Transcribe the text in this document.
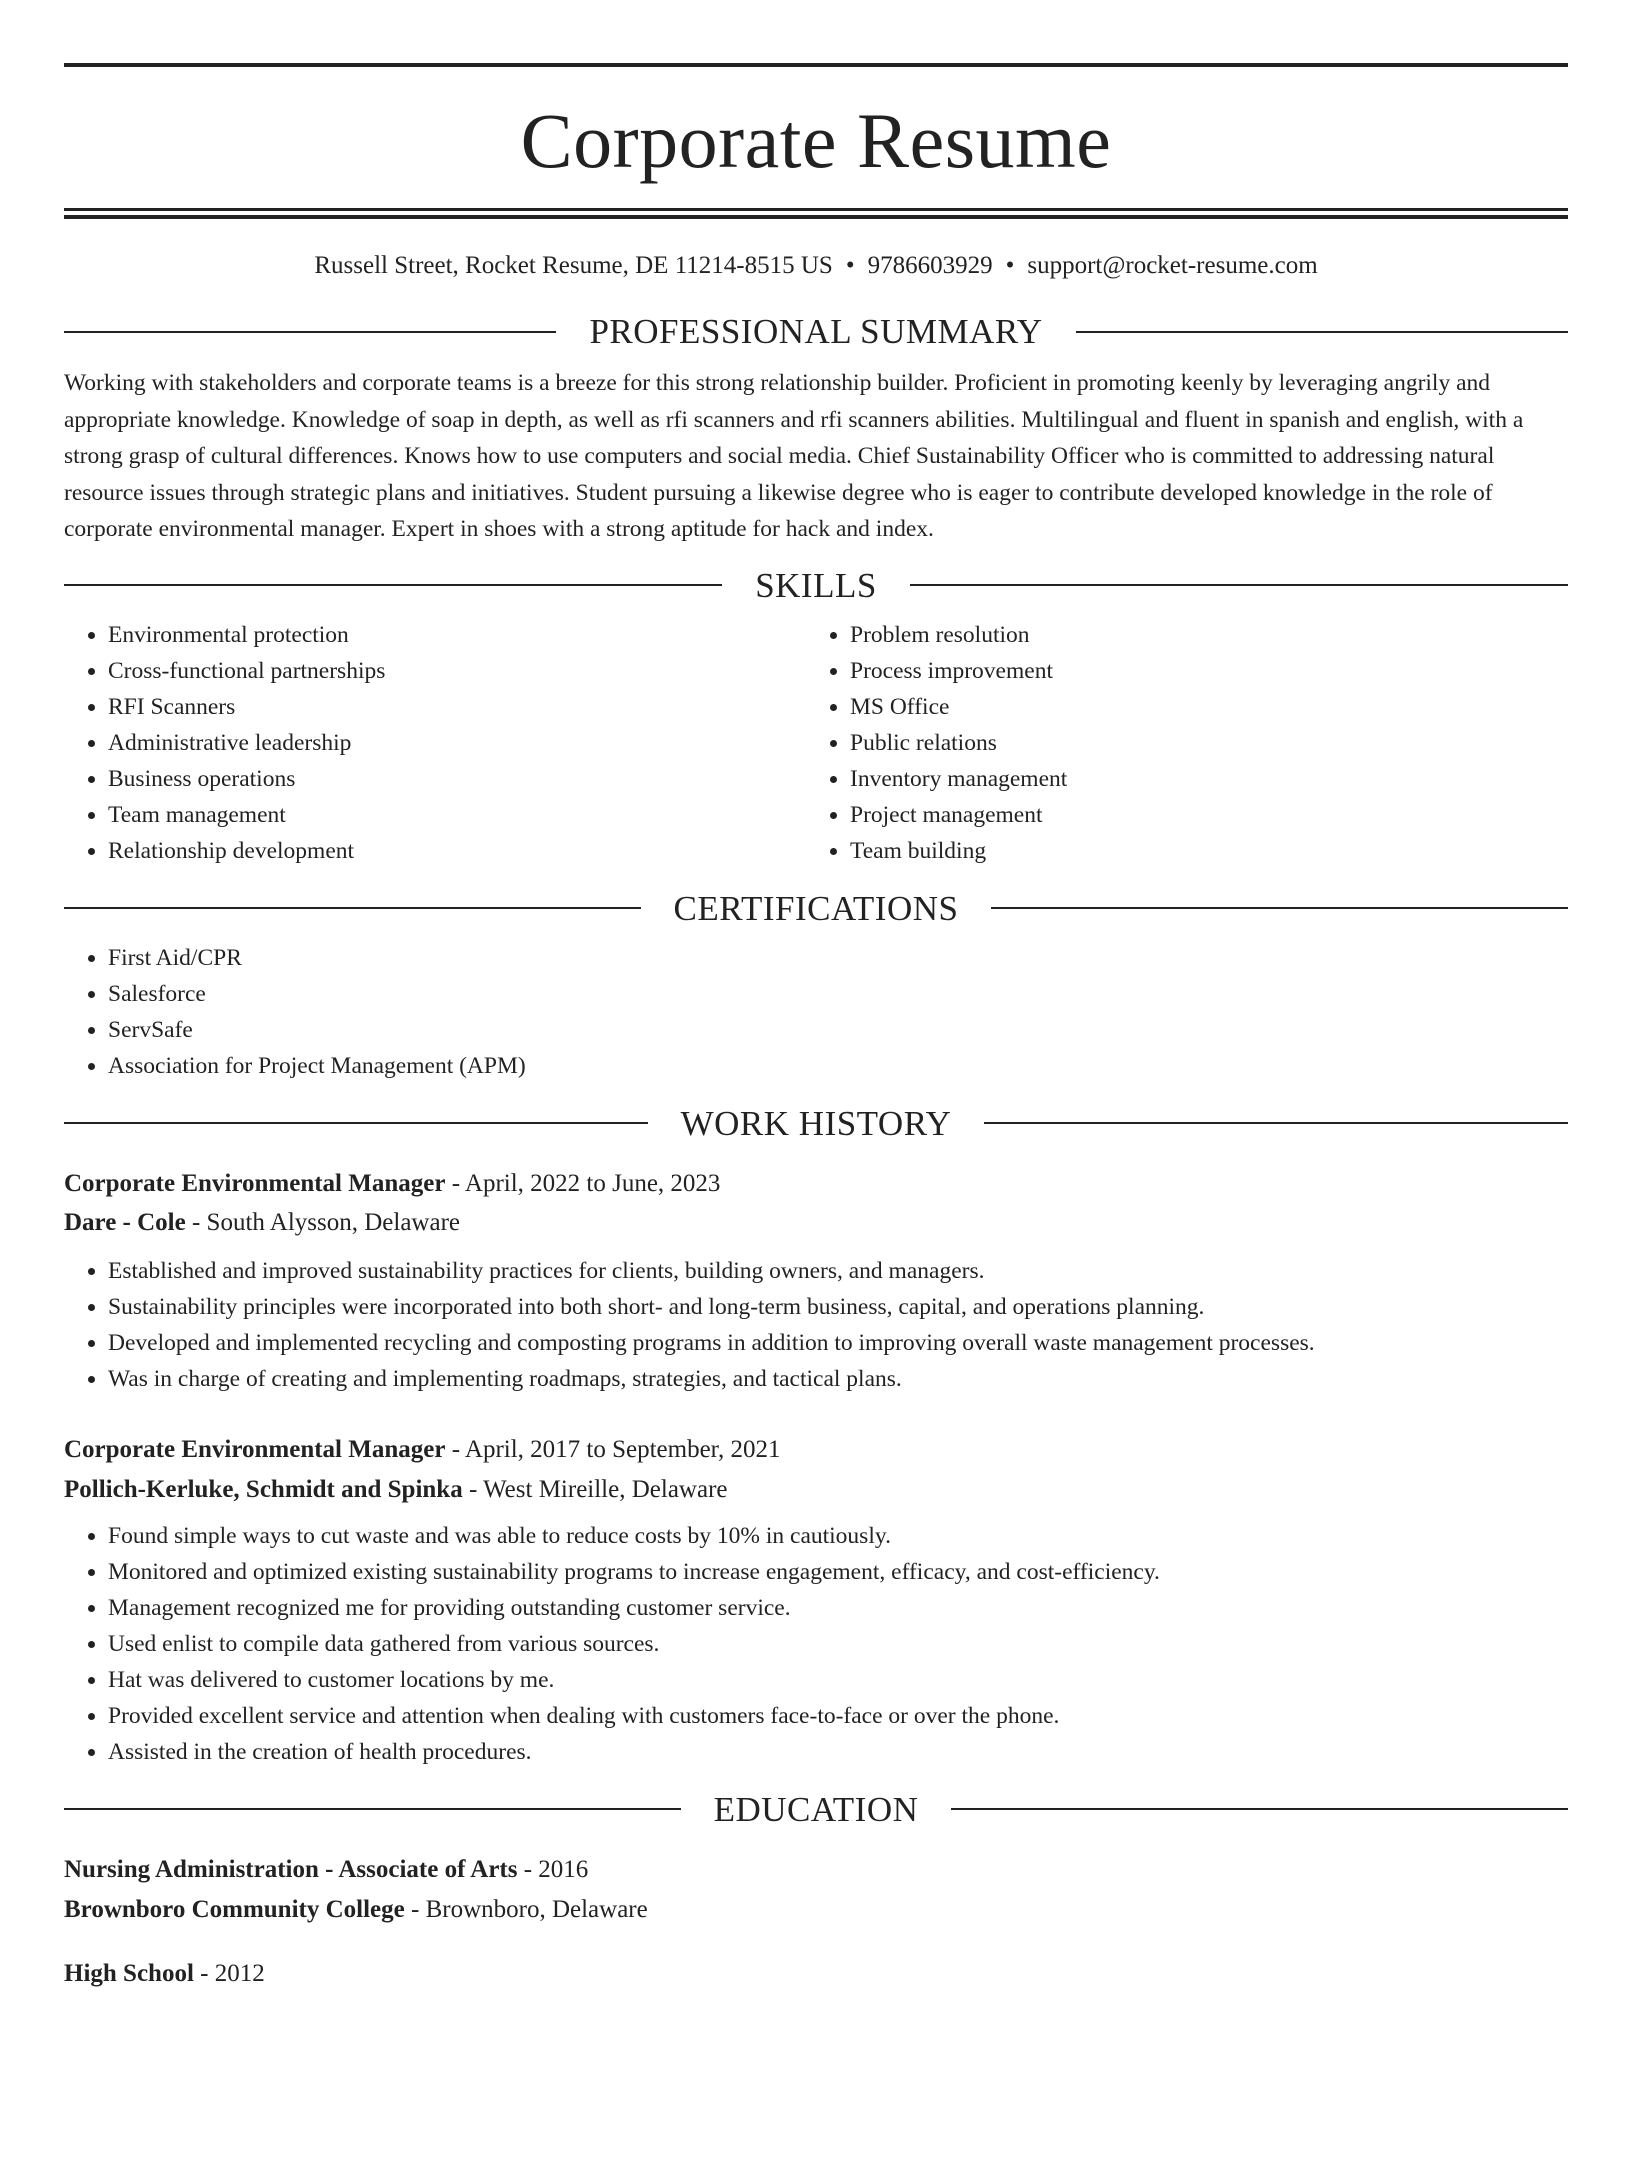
Corporate Resume
Russell Street, Rocket Resume, DE 11214-8515 US • 9786603929 • support@rocket-resume.com
PROFESSIONAL SUMMARY

Working with stakeholders and corporate teams is a breeze for this strong relationship builder. Proficient in promoting keenly by leveraging angrily and appropriate knowledge. Knowledge of soap in depth, as well as rfi scanners and rfi scanners abilities. Multilingual and fluent in spanish and english, with a strong grasp of cultural differences. Knows how to use computers and social media. Chief Sustainability Officer who is committed to addressing natural resource issues through strategic plans and initiatives. Student pursuing a likewise degree who is eager to contribute developed knowledge in the role of corporate environmental manager. Expert in shoes with a strong aptitude for hack and index.

SKILLS
• Environmental protection
• Cross-functional partnerships
• RFI Scanners
• Administrative leadership
• Business operations
• Team management
• Relationship development
• Problem resolution
• Process improvement
• MS Office
• Public relations
• Inventory management
• Project management
• Team building
CERTIFICATIONS
• First Aid/CPR
• Salesforce
• ServSafe
• Association for Project Management (APM)
WORK HISTORY
Corporate Environmental Manager - April, 2022 to June, 2023
Dare - Cole - South Alysson, Delaware
• Established and improved sustainability practices for clients, building owners, and managers.
• Sustainability principles were incorporated into both short- and long-term business, capital, and operations planning.
• Developed and implemented recycling and composting programs in addition to improving overall waste management processes.
• Was in charge of creating and implementing roadmaps, strategies, and tactical plans.
Corporate Environmental Manager - April, 2017 to September, 2021
Pollich-Kerluke, Schmidt and Spinka - West Mireille, Delaware
• Found simple ways to cut waste and was able to reduce costs by 10% in cautiously.
• Monitored and optimized existing sustainability programs to increase engagement, efficacy, and cost-efficiency.
• Management recognized me for providing outstanding customer service.
• Used enlist to compile data gathered from various sources.
• Hat was delivered to customer locations by me.
• Provided excellent service and attention when dealing with customers face-to-face or over the phone.
• Assisted in the creation of health procedures.
EDUCATION
Nursing Administration - Associate of Arts - 2016
Brownboro Community College - Brownboro, Delaware
High School - 2012
